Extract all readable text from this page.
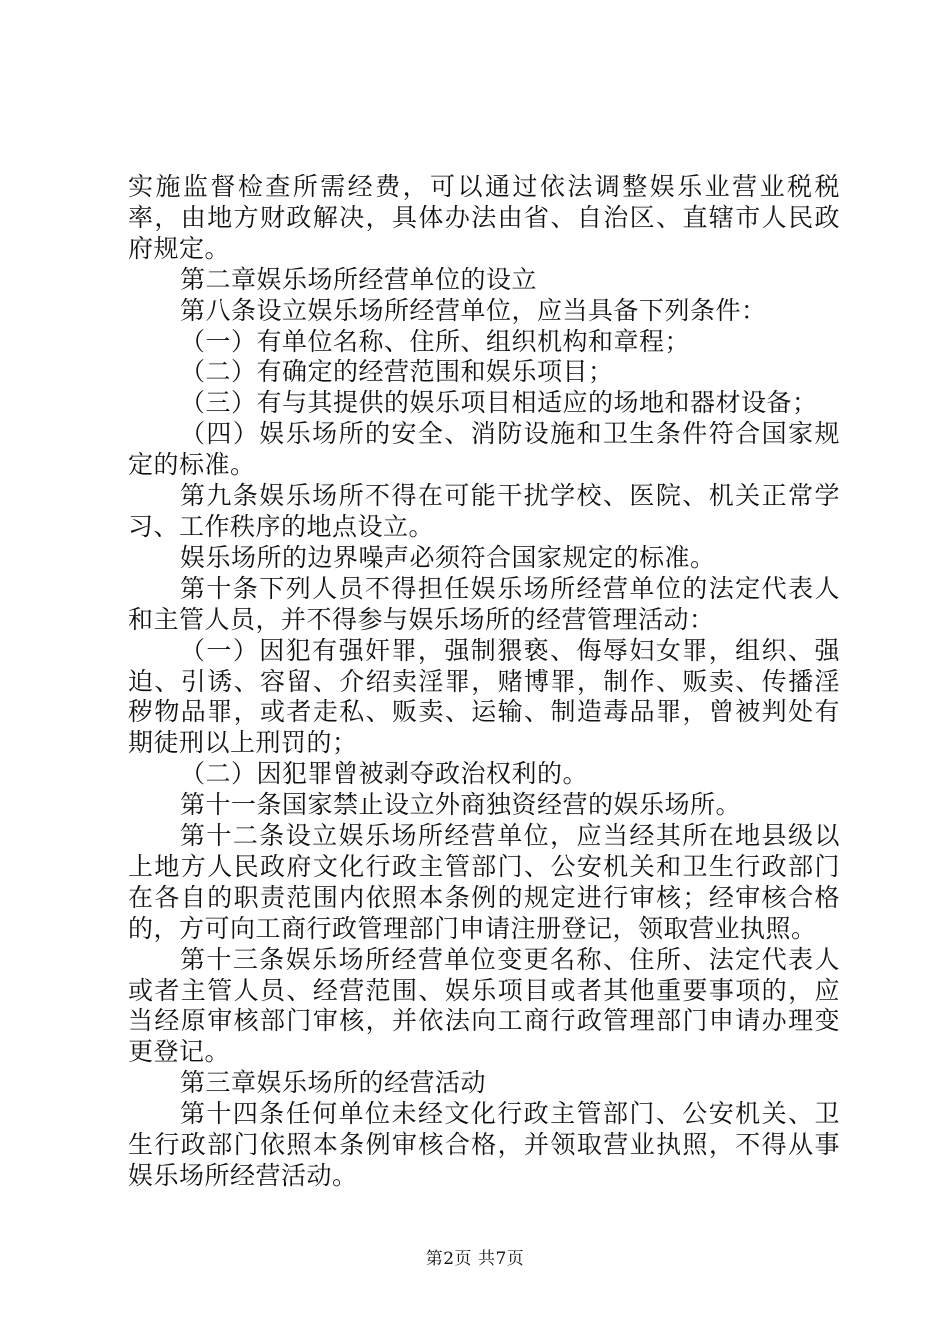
实施监督检查所需经费，可以通过依法调整娱乐业营业税税率，由地方财政解决，具体办法由省、自治区、直辖市人民政府规定。

第二章娱乐场所经营单位的设立

第八条设立娱乐场所经营单位，应当具备下列条件：

（一）有单位名称、住所、组织机构和章程；

（二）有确定的经营范围和娱乐项目；

（三）有与其提供的娱乐项目相适应的场地和器材设备；

（四）娱乐场所的安全、消防设施和卫生条件符合国家规定的标准。

第九条娱乐场所不得在可能干扰学校、医院、机关正常学习、工作秩序的地点设立。

娱乐场所的边界噪声必须符合国家规定的标准。

第十条下列人员不得担任娱乐场所经营单位的法定代表人和主管人员，并不得参与娱乐场所的经营管理活动：

（一）因犯有强奸罪，强制猥亵、侮辱妇女罪，组织、强迫、引诱、容留、介绍卖淫罪，赌博罪，制作、贩卖、传播淫秽物品罪，或者走私、贩卖、运输、制造毒品罪，曾被判处有期徒刑以上刑罚的；

（二）因犯罪曾被剥夺政治权利的。

第十一条国家禁止设立外商独资经营的娱乐场所。

第十二条设立娱乐场所经营单位，应当经其所在地县级以上地方人民政府文化行政主管部门、公安机关和卫生行政部门在各自的职责范围内依照本条例的规定进行审核；经审核合格的，方可向工商行政管理部门申请注册登记，领取营业执照。

第十三条娱乐场所经营单位变更名称、住所、法定代表人或者主管人员、经营范围、娱乐项目或者其他重要事项的，应当经原审核部门审核，并依法向工商行政管理部门申请办理变更登记。

第三章娱乐场所的经营活动

第十四条任何单位未经文化行政主管部门、公安机关、卫生行政部门依照本条例审核合格，并领取营业执照，不得从事娱乐场所经营活动。

第2页 共7页
